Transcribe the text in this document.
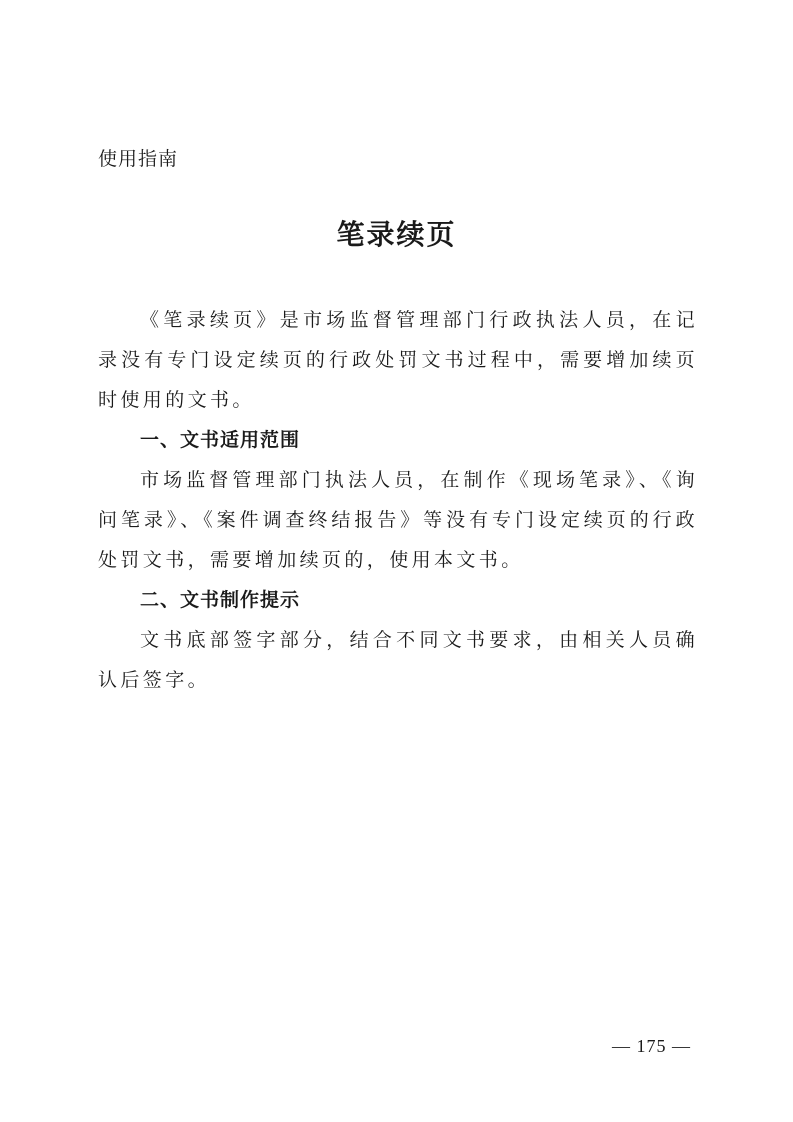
使用指南
笔录续页

《笔录续页》是市场监督管理部门行政执法人员，在记录没有专门设定续页的行政处罚文书过程中，需要增加续页时使用的文书。

一、文书适用范围

市场监督管理部门执法人员，在制作《现场笔录》、《询问笔录》、《案件调查终结报告》等没有专门设定续页的行政处罚文书，需要增加续页的，使用本文书。

二、文书制作提示

文书底部签字部分，结合不同文书要求，由相关人员确认后签字。

— 175 —
